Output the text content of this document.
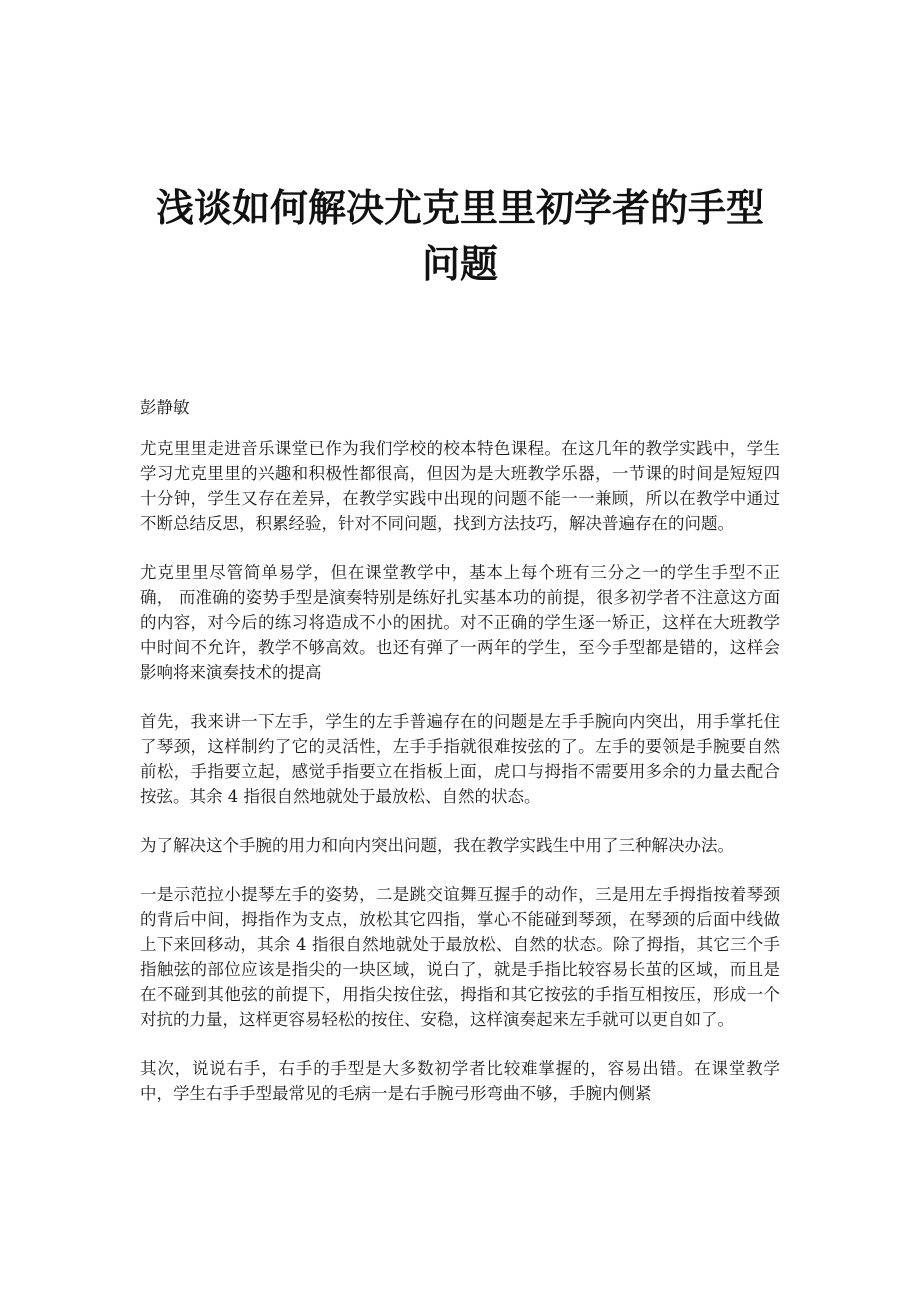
浅谈如何解决尤克里里初学者的手型问题

彭静敏

尤克里里走进音乐课堂已作为我们学校的校本特色课程。在这几年的教学实践中，学生学习尤克里里的兴趣和积极性都很高，但因为是大班教学乐器，一节课的时间是短短四十分钟，学生又存在差异，在教学实践中出现的问题不能一一兼顾，所以在教学中通过不断总结反思，积累经验，针对不同问题，找到方法技巧，解决普遍存在的问题。

尤克里里尽管简单易学，但在课堂教学中，基本上每个班有三分之一的学生手型不正确， 而准确的姿势手型是演奏特别是练好扎实基本功的前提，很多初学者不注意这方面的内容，对今后的练习将造成不小的困扰。对不正确的学生逐一矫正，这样在大班教学中时间不允许，教学不够高效。也还有弹了一两年的学生，至今手型都是错的，这样会影响将来演奏技术的提高

首先，我来讲一下左手，学生的左手普遍存在的问题是左手手腕向内突出，用手掌托住了琴颈，这样制约了它的灵活性，左手手指就很难按弦的了。左手的要领是手腕要自然前松，手指要立起，感觉手指要立在指板上面，虎口与拇指不需要用多余的力量去配合按弦。其余 4 指很自然地就处于最放松、自然的状态。

为了解决这个手腕的用力和向内突出问题，我在教学实践生中用了三种解决办法。

一是示范拉小提琴左手的姿势，二是跳交谊舞互握手的动作，三是用左手拇指按着琴颈的背后中间，拇指作为支点，放松其它四指，掌心不能碰到琴颈，在琴颈的后面中线做上下来回移动，其余 4 指很自然地就处于最放松、自然的状态。除了拇指，其它三个手指触弦的部位应该是指尖的一块区域，说白了，就是手指比较容易长茧的区域，而且是在不碰到其他弦的前提下，用指尖按住弦，拇指和其它按弦的手指互相按压，形成一个对抗的力量，这样更容易轻松的按住、安稳，这样演奏起来左手就可以更自如了。

其次，说说右手，右手的手型是大多数初学者比较难掌握的，容易出错。在课堂教学中，学生右手手型最常见的毛病一是右手腕弓形弯曲不够，手腕内侧紧
